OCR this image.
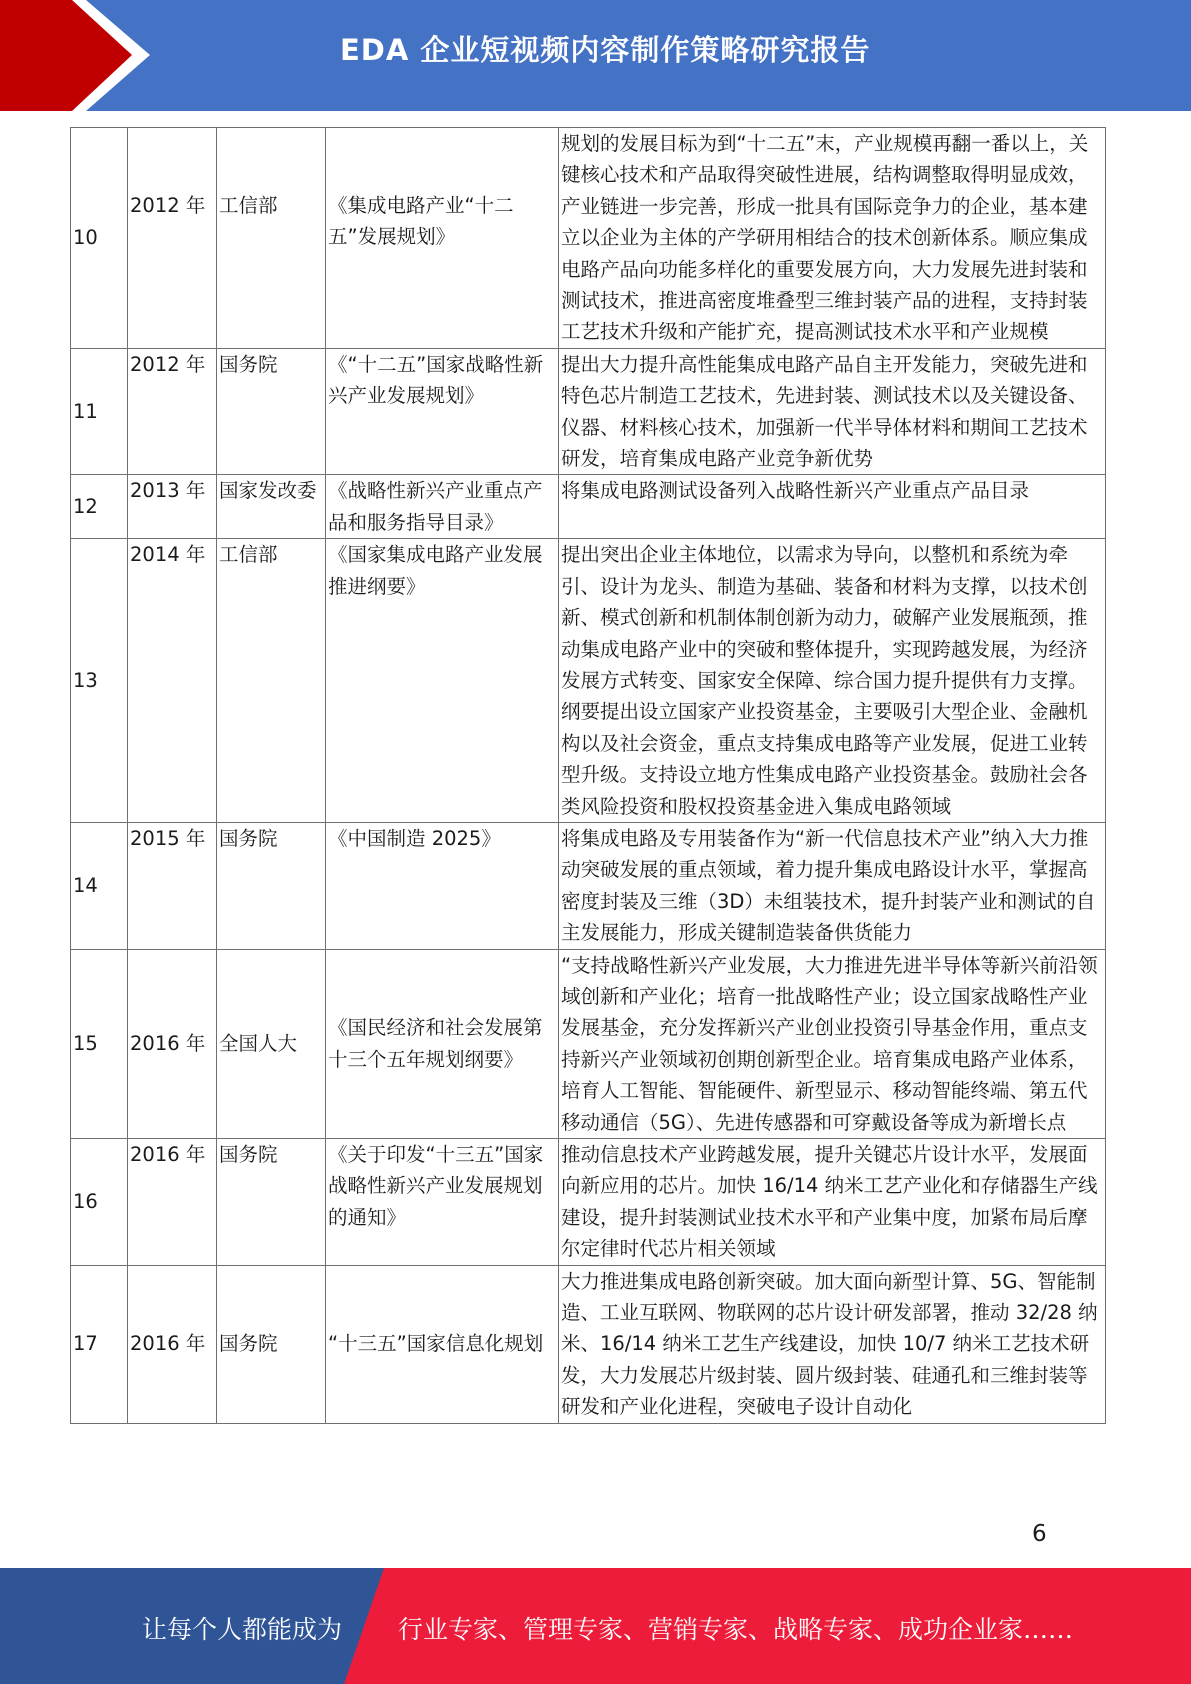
EDA 企业短视频内容制作策略研究报告
10	2012 年	工信部	《集成电路产业“十二五”发展规划》	规划的发展目标为到“十二五”末，产业规模再翻一番以上，关键核心技术和产品取得突破性进展，结构调整取得明显成效，产业链进一步完善，形成一批具有国际竞争力的企业，基本建立以企业为主体的产学研用相结合的技术创新体系。顺应集成电路产品向功能多样化的重要发展方向，大力发展先进封装和测试技术，推进高密度堆叠型三维封装产品的进程，支持封装工艺技术升级和产能扩充，提高测试技术水平和产业规模
11	2012 年	国务院	《“十二五”国家战略性新兴产业发展规划》	提出大力提升高性能集成电路产品自主开发能力，突破先进和特色芯片制造工艺技术，先进封装、测试技术以及关键设备、仪器、材料核心技术，加强新一代半导体材料和期间工艺技术研发，培育集成电路产业竞争新优势
12	2013 年	国家发改委	《战略性新兴产业重点产品和服务指导目录》	将集成电路测试设备列入战略性新兴产业重点产品目录
13	2014 年	工信部	《国家集成电路产业发展推进纲要》	提出突出企业主体地位，以需求为导向，以整机和系统为牵引、设计为龙头、制造为基础、装备和材料为支撑，以技术创新、模式创新和机制体制创新为动力，破解产业发展瓶颈，推动集成电路产业中的突破和整体提升，实现跨越发展，为经济发展方式转变、国家安全保障、综合国力提升提供有力支撑。纲要提出设立国家产业投资基金，主要吸引大型企业、金融机构以及社会资金，重点支持集成电路等产业发展，促进工业转型升级。支持设立地方性集成电路产业投资基金。鼓励社会各类风险投资和股权投资基金进入集成电路领域
14	2015 年	国务院	《中国制造 2025》	将集成电路及专用装备作为“新一代信息技术产业”纳入大力推动突破发展的重点领域，着力提升集成电路设计水平，掌握高密度封装及三维（3D）未组装技术，提升封装产业和测试的自主发展能力，形成关键制造装备供货能力
15	2016 年	全国人大	《国民经济和社会发展第十三个五年规划纲要》	“支持战略性新兴产业发展，大力推进先进半导体等新兴前沿领域创新和产业化；培育一批战略性产业；设立国家战略性产业发展基金，充分发挥新兴产业创业投资引导基金作用，重点支持新兴产业领域初创期创新型企业。培育集成电路产业体系，培育人工智能、智能硬件、新型显示、移动智能终端、第五代移动通信（5G）、先进传感器和可穿戴设备等成为新增长点
16	2016 年	国务院	《关于印发“十三五”国家战略性新兴产业发展规划的通知》	推动信息技术产业跨越发展，提升关键芯片设计水平，发展面向新应用的芯片。加快 16/14 纳米工艺产业化和存储器生产线建设，提升封装测试业技术水平和产业集中度，加紧布局后摩尔定律时代芯片相关领域
17	2016 年	国务院	“十三五”国家信息化规划	大力推进集成电路创新突破。加大面向新型计算、5G、智能制造、工业互联网、物联网的芯片设计研发部署，推动 32/28 纳米、16/14 纳米工艺生产线建设，加快 10/7 纳米工艺技术研发，大力发展芯片级封装、圆片级封装、硅通孔和三维封装等研发和产业化进程，突破电子设计自动化
6
让每个人都能成为 行业专家、管理专家、营销专家、战略专家、成功企业家……
